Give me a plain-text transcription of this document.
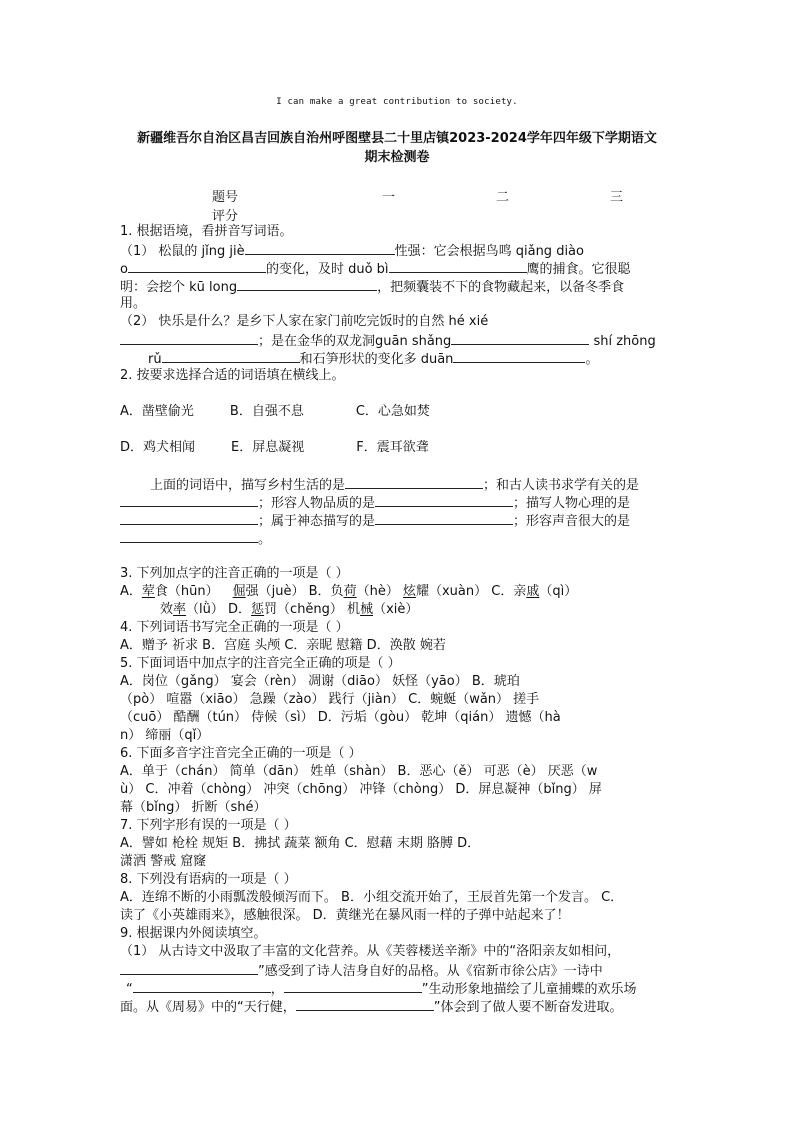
I can make a great contribution to society.
新疆维吾尔自治区昌吉回族自治州呼图壁县二十里店镇2023-2024学年四年级下学期语文
期末检测卷
题号	一	二	三
评分
1. 根据语境，看拼音写词语。
（1） 松鼠的 jǐng jiè	性强：它会根据鸟鸣 qiǎng diào
o	的变化，及时 duǒ bì	鹰的捕食。它很聪
明：会挖个 kū long	，把频囊装不下的食物藏起来，以备冬季食
用。
（2） 快乐是什么？是乡下人家在家门前吃完饭时的自然 hé xié
；是在金华的双龙洞guān shǎng	shí zhōng
rǔ	和石笋形状的变化多 duān	。
2. 按要求选择合适的词语填在横线上。
A．凿壁偷光	B．自强不息	C．心急如焚
D．鸡犬相闻	E．屏息凝视	F．震耳欲聋
上面的词语中，描写乡村生活的是	；和古人读书求学有关的是
；形容人物品质的是	；描写人物心理的是
；属于神态描写的是	；形容声音很大的是
。
3. 下列加点字的注音正确的一项是（ ）
A．荤食（hūn） 倔强（juè） B．负荷（hè） 炫耀（xuàn） C．亲戚（qì）
效率（lǜ） D．惩罚（chěng） 机械（xiè）
4. 下列词语书写完全正确的一项是（ ）
A．赠予 祈求 B．宫庭 头颅 C．亲昵 慰籍 D．涣散 婉若
5. 下面词语中加点字的注音完全正确的项是（ ）
A．岗位（gǎng） 宴会（rèn） 凋谢（diāo） 妖怪（yāo） B．琥珀
（pò） 喧嚣（xiāo） 急躁（zào） 践行（jiàn） C．蜿蜒（wǎn） 搓手
（cuō） 酷酬（tún） 侍候（sì） D．污垢（gòu） 乾坤（qián） 遗憾（hà
n） 缔丽（qǐ）
6. 下面多音字注音完全正确的一项是（ ）
A．单于（chán） 简单（dān） 姓单（shàn） B．恶心（ě） 可恶（è） 厌恶（w
ù） C．冲着（chòng） 冲突（chōng） 冲锋（chòng） D．屏息凝神（bǐng） 屏
幕（bǐng） 折断（shé）
7. 下列字形有误的一项是（ ）
A．譬如 枪栓 规矩 B．拂拭 蔬菜 额角 C．慰藉 末期 胳膊 D．
潇洒 警戒 窟窿
8. 下列没有语病的一项是（ ）
A．连绵不断的小雨瓢泼般倾泻而下。 B．小组交流开始了，王辰首先第一个发言。 C．
读了《小英雄雨来》，感触很深。 D．黄继光在暴风雨一样的子弹中站起来了！
9. 根据课内外阅读填空。
（1） 从古诗文中汲取了丰富的文化营养。从《芙蓉楼送辛渐》中的“洛阳亲友如相问，
”感受到了诗人洁身自好的品格。从《宿新市徐公店》一诗中
“	，	”生动形象地描绘了儿童捕蝶的欢乐场
面。从《周易》中的“天行健，	”体会到了做人要不断奋发进取。
